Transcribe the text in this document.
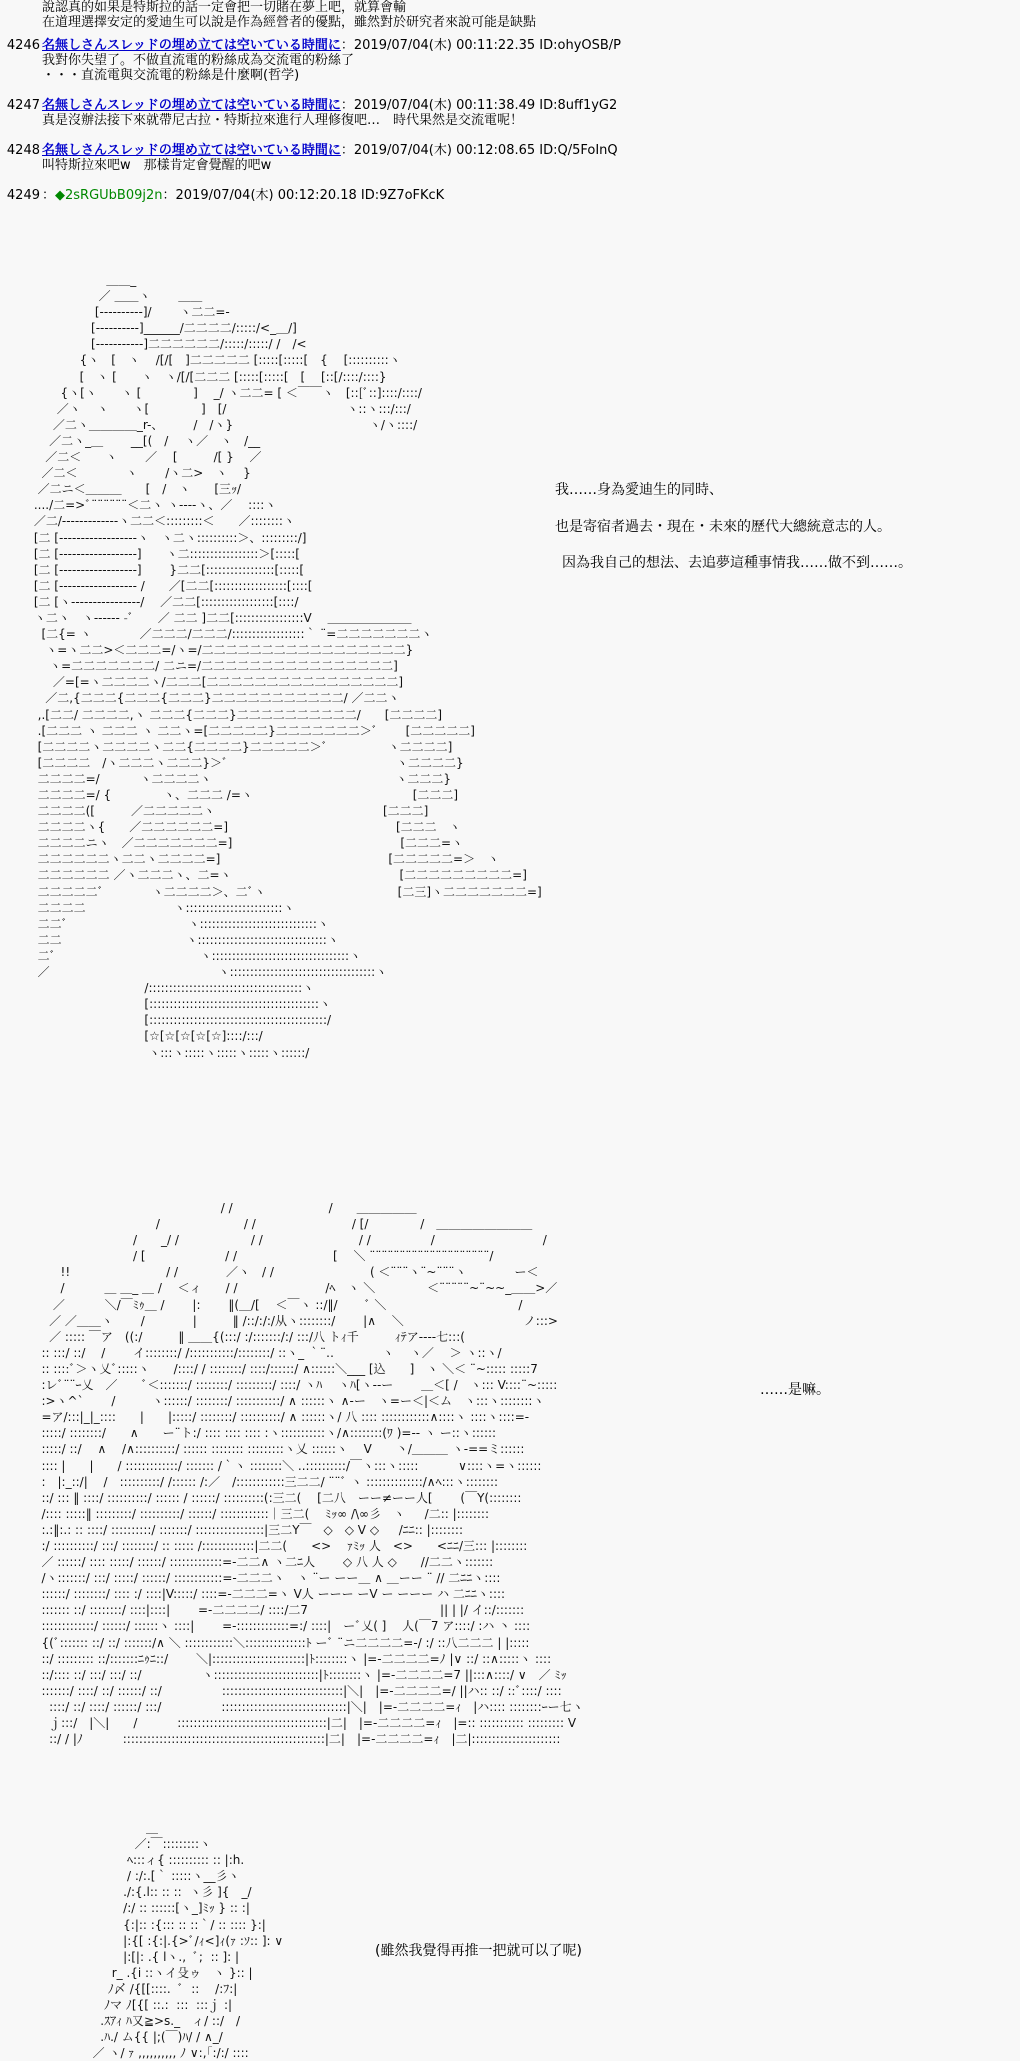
說認真的如果是特斯拉的話一定會把一切賭在夢上吧，就算會輸
在道理選擇安定的愛迪生可以說是作為經營者的優點，雖然對於研究者來說可能是缺點
4246 名無しさんスレッドの埋め立ては空いている時間に：2019/07/04(木) 00:11:22.35 ID:ohyOSB/P
我對你失望了。不做直流電的粉絲成為交流電的粉絲了
・・・直流電與交流電的粉絲是什麼啊(哲学)
4247 名無しさんスレッドの埋め立ては空いている時間に：2019/07/04(木) 00:11:38.49 ID:8uff1yG2
真是沒辦法接下來就帶尼古拉・特斯拉來進行人理修復吧…　時代果然是交流電呢！
4248 名無しさんスレッドの埋め立ては空いている時間に：2019/07/04(木) 00:12:08.65 ID:Q/5FoInQ
叫特斯拉來吧w　那樣肯定會覺醒的吧w
4249 ：◆2sRGUbB09j2n：2019/07/04(木) 00:12:20.18 ID:9Z7oFKcK
＿＿_
／ ＿＿ヽ　　 ＿＿
[----------]/　　 ヽ二二=-
[----------]______/二二二二/:::::/<_＿/]
[-----------]二二二二二二/:::::/:::::/ /　/<
{ヽ　[　ヽ　 /[/[　]二二二二二 [:::::[:::::[　{　 [::::::::::ヽ
[　ヽ [　　ヽ　ヽ/[/[二二二 [:::::[:::::[　[　 [::[/::::/::::}
{ヽ[ヽ　　ヽ [　　　　 ]　 _/ ヽ二二= [ ＜￣￣ヽ　[::[ﾞ::]::::/::::/
／ヽ　 ヽ　　ヽ[　　　　 ]　[/　　　　　　　　　　ヽ::ヽ:::/:::/
／二ヽ＿＿＿＿_r-、　　　/　/ヽ}　　　　　　　　　　　 ヽ/ヽ::::/
／二ヽ_＿　　 __[(　/　 ヽ／　ヽ　/__
／二＜　　ヽ　　 ／　 [　　　/[ }　 ／
／二＜　　　　ヽ　　 /ヽ二>　ヽ　 }
／二ニ＜＿＿＿　　[　/　ヽ　　[三ｯ/
..../二=>ﾞ¨¨¨¨¨¨＜二ヽ ヽ----ヽ、／　 ::::ヽ
／二/-------------ヽ二二＜:::::::::＜　　／::::::::ヽ
[二 [------------------ヽ　ヽ二ヽ::::::::::＞、:::::::::/]
[二 [------------------]　　ヽ二:::::::::::::::::＞[:::::[
[二 [------------------]　　 }二二[:::::::::::::::::[:::::[
[二 [------------------ /　　／[二二[::::::::::::::::::[::::[
[二 [ヽ----------------/　 ／二二[::::::::::::::::::[::::/
ヽ二ヽ　ヽ------ -ﾞ　　／ 二二 ]二二[:::::::::::::::::V　 ＿＿＿＿＿＿＿
[二{= ヽ　　　　／二二二/二二二/::::::::::::::::::｀ ¨=二二二二二二二ヽ
ヽ=ヽ二二>＜二二二=/ヽ=/二二二二二二二二二二二二二二二二二}
ヽ=二二二二二二二/ 二ニ=/二二二二二二二二二二二二二二二二]
／=[=ヽ二二二二ヽ/二二二[二二二二二二二二二二二二二二二二]
／二,{二二二{二二二{二二二}二二二二二二二二二二二/ ／二二ヽ
,.[二二/ 二二二二,ヽ 二二二{二二二}二二二二二二二二二二/　　[二二二二]
.[二二二 ヽ 二二二 ヽ 二二ヽ=[二二二二二}二二二二二二二＞ﾞ　　 [二二二二二]
[二二二二ヽ二二二二ヽ二二{二二二二}二二二二二＞ﾞ　　　　　ヽ二二二二]
[二二二二　/ヽ二二二ヽ二二二}＞ﾞ　　　　　　　　　　　　　　ヽ二二二二}
二二二二=/ 　　　ヽ二二二二ヽ　　　　　　　　　　　　　　　 ヽ二二二}
二二二二=/ {　　　　 ヽ、二二二 /=ヽ　　　　　　　　　　　　　 [二二二]
二二二二([　　　／二二二二二ヽ　　　　　　　　　　　　　　[二二二]
二二二二ヽ{　　／二二二二二二=]　　　　　　　　　　　　　　[二二二　ヽ
二二二二ニヽ　／二二二二二二二=]　　　　　　　　　　　　　　[二二二=ヽ
二二二二二二ヽ二二ヽ二二二二=]　　　　　　　　　　　　　　[二二二二二=＞　ヽ
二二二二二二 ／ヽ二二二ヽ、二=ヽ　　　　　　　　　　　　　　[二二二二二二二二二=]
二二二二二ﾞ　　　　ヽ二二二二＞、二ﾞヽ　　　　　　　　　　　[二三]ヽ二二二二二二二=]
二二二二　　　　　　　 ヽ::::::::::::::::::::::::ヽ
二二ﾞ　　　　　　　　　　ヽ:::::::::::::::::::::::::::::ヽ
二二　　　　　　　　　　 ヽ::::::::::::::::::::::::::::::::ヽ
二ﾞ　　　　　　　　　　　　ヽ::::::::::::::::::::::::::::::::::ヽ
／　　　　　　　　　　　　　　ヽ::::::::::::::::::::::::::::::::::::ヽ
/::::::::::::::::::::::::::::::::::::::ヽ
[::::::::::::::::::::::::::::::::::::::::::ヽ
[::::::::::::::::::::::::::::::::::::::::::::/
[☆[☆[☆[☆[☆]::::/:::/
ヽ:::ヽ:::::ヽ:::::ヽ:::::ヽ::::::/
我……身為愛迪生的同時、
也是寄宿者過去・現在・未來的歷代大總統意志的人。
因為我自己的想法、去追夢這種事情我……做不到……。
/ /　　　　　　　　/　　＿＿＿＿＿
/　　　　　　　/ /　　　　　　　　/ [/　　　　 /　＿＿＿＿＿＿＿＿
/　　_/ /　　　　　　/ /　　　　　　　　/ /　　　　　/　　　　　　　　　/
/ [　　　　 　 　/ /　　　　　　　　[　 ＼ ¨¨¨¨¨¨¨¨¨¨¨¨¨¨¨¨¨¨¨¨/
!!　　　　　　　　/ /　　　　／ヽ　/ /　　　　　　　　( ＜¨¨¨ヽ¨~¨¨¨ヽ　　　　ー＜
/　　　 ＿ ＿_ ＿ /　 ＜ィ　　/ /　　　　　　　 /ﾍ　ヽ ＼　　　　 ＜¨¨¨¨¨~¨~~_＿＿>／
／　　　 ＼/￣ﾐｩ＿ /　　 |:　　 ‖(＿/[　 ＜￣ヽ ::/‖/　　 ﾞ ＼　　　　　　　　　　　/
／ ／＿＿ヽ　　 /　　　　|　　　‖ /::/:/:/从ヽ::::::::/　　 |∧　 ＼　　　　　　　　　　ノ:::>
／ ::::: ￣ア　((:/　　　‖ ＿＿{(:::/ :/:::::::/:/ :::/八 トｨ千　　　ｨﾃア----七:::(
:: :::/ ::/　 /　　 イ::::::::/ /:::::::::::/::::::::/ ::ヽ_ ｀¨‥　　　　ヽ　 ヽ／　 ＞ ヽ::ヽ/
:: ::::ﾞ＞ヽ乂ﾞ:::::ヽ　　/::::/ / ::::::::/ ::::/::::::/ ∧::::::＼___ [込　　]　ヽ ＼＜ ¨~::::: :::::7
:レﾞ¨¨ｰ乂　／　　ﾞ＜:::::::/ ::::::::/ :::::::::/ ::::/ ヽﾊ　 ヽﾊ[ヽ--ー　　 ＿＜[ /　ヽ::: V::::¨~:::::
:>ヽ^`　　 /　　　ヽ::::::/ ::::::::/ :::::::::::/ ∧ ::::::ヽ ∧-ー　ヽ=ー＜|＜ム　ヽ:::ヽ::::::::ヽ
=ア/:::|_|_::::　　|　　|:::::/ ::::::::/ ::::::::::/ ∧ ::::::ヽ/ 八 :::: ::::::::::::∧::::ヽ ::::ヽ::::=-
:::::/ ::::::::/　　∧　　ー¨ト:/ :::: :::: :::: :ヽ:::::::::::ヽ/∧::::::::(ﾜ )=-- ヽ ー::ヽ::::::
:::::/ ::/　 ∧　 /∧::::::::::/ :::::: :::::::: :::::::::ヽ乂 ::::::ヽ　 V　　丶/＿＿＿ ヽ-==ミ::::::
:::: |　　|　　/ :::::::::::::/ ::::::: /｀ヽ ::::::::＼ ..::::::::::/￣ヽ:::ヽ:::::　　　 ∨::::ヽ=ヽ::::::
:　|:_::/|　 /　::::::::::/ /:::::: /:／　/::::::::::::三二二/ ¨¨ﾞ ヽ ::::::::::::::/∧ﾍ:::ヽ::::::::
::/ ::: ‖ ::::/ ::::::::::/ :::::: / ::::::/ ::::::::::(:三二(　 [二八　ーー≠ーー人[　　 (￣Y(::::::::
/:::: :::::‖ :::::::::/ ::::::::::/ ::::::/ ::::::::::::｜三二(　 ﾐｯ∞ /\∞彡　ヽ 　 /二:: |::::::::
:.:‖:.: :: ::::/ ::::::::::/ :::::::/ :::::::::::::::::|三二Y￣　◇　◇ V ◇ 　 /ﾆﾆ:: |::::::::
:/ ::::::::::/ :::/ ::::::::/ :: ::::: /:::::::::::::|二二(　　<>　 ｧﾐｯ 人　<>　　<ﾆﾆ/三::: |::::::::
／ ::::::/ :::: :::::/ ::::::/ :::::::::::::=-二二∧ ヽ二ﾆ人　　 ◇ 八 人 ◇　　//二二ヽ:::::::
/ヽ:::::::/ :::/ :::::/ ::::::/ ::::::::::::=-二二二ヽ　ヽ ¨ー ーー＿ ∧ ＿ーー ¨ // 二ﾆﾆヽ::::
::::::/ ::::::::/ :::: :/ ::::|V:::::/ ::::=-二二二=ヽ V人 ーーー ーV ー ーーー ハ 二ﾆﾆヽ::::
::::::: ::/ ::::::::/ ::::|::::|　　 =-二二二二/ ::::/二7　　　　　　　　　　　|| | |/ イ::/:::::::
:::::::::::::/ ::::::/ ::::::ヽ ::::|　　 =-:::::::::::::=:/ ::::|　ーﾞ乂( ]　 人(￣7 ア::::/ :ハ 丶 ::::
{(ﾞ::::::: ::/ ::/ :::::::/∧ ＼ ::::::::::::＼:::::::::::::::ﾄ ーﾞ ¨ニ二二二二=-/ :/ ::八二二二 | |:::::
::/ ::::::::: ::/:::::::ﾆｩﾆ::/　　 ＼|:::::::::::::::::::::::|ﾄ::::::::ヽ |=-二二二二=ﾉ |∨ ::/ ::∧:::::ヽ ::::
::/:::: ::/ :::/ :::/ ::/　　　　　ヽ::::::::::::::::::::::::::|ﾄ::::::::ヽ |=-二二二二=7 ||:::∧::::/ ∨　／ ﾐｯ
:::::::/ ::::/ ::/ ::::::/ ::/　　　　　::::::::::::::::::::::::::::::|＼|　|=-二二二二=/ ||ハ:: ::/ ::ﾞ::::/ ::::
::::/ ::/ ::::/ ::::::/ :::/　　　　　:::::::::::::::::::::::::::::::|＼|　|=-二二二二=ｨ　|ハ:::: ::::::::ｰー七ヽ
ｊ:::/　|＼|　　/　　　 :::::::::::::::::::::::::::::::::::::|二|　|=-二二二二=ｨ　|=:: ::::::::::: ::::::::: V
::/ / |ﾉ　　　 ::::::::::::::::::::::::::::::::::::::::::::::::::|二|　|=-二二二二=ｨ　|二|::::::::::::::::::::::
……是嘛。
＿
／:￣:::::::::ヽ
ﾍ:::ィ{ :::::::::: :: |:h.
/ :/:.[｀ :::::ヽ__彡ヽ
./:{.l:: :: ::  ヽ彡 ]{　_/
/:/ :: ::::::[ヽ_]ﾐｯ } :: :|
{:|:: :{::: :: ::｀/ :: :::: }:|
|:{[ :{:|.{>ﾞ/ｨ<]ｨ(ｧ :ｿ:: ]: ∨
|:[|: .{ lヽ.,  ﾞ;  :: ]: |
r_ .{i ::ヽイ殳ゥ　ヽ }:: |
ﾉ〆 /{[[::::.  ﾞ  ::　 /:ﾌ:|
ﾉマ ﾉ[{[ ::.:  :::  :::ｊ :|
.ｽｱｨ ﾊ又≧>s._　ィ/ ::/　/
.ﾊ./ ム{{ |;(￣)ﾊ/ / ∧_/
／ ヽ/ ｧ ,,,,,,,,,, ﾉ ∨:,｢:/:/ ::::
(雖然我覺得再推一把就可以了呢)
